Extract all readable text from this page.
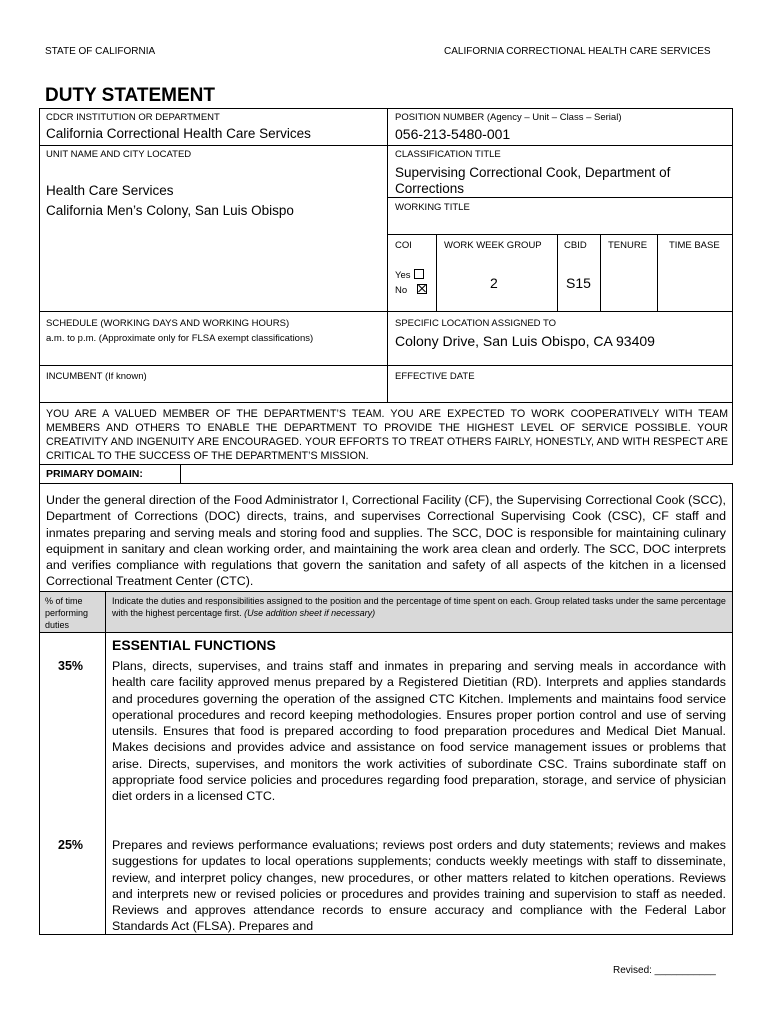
STATE OF CALIFORNIA	CALIFORNIA CORRECTIONAL HEALTH CARE SERVICES
DUTY STATEMENT
CDCR INSTITUTION OR DEPARTMENT
California Correctional Health Care Services
POSITION NUMBER (Agency – Unit – Class – Serial)
056-213-5480-001
UNIT NAME AND CITY LOCATED
Health Care Services
California Men’s Colony, San Luis Obispo
CLASSIFICATION TITLE
Supervising Correctional Cook, Department of Corrections
WORKING TITLE
COI
Yes
No
WORK WEEK GROUP
2
CBID
S15
TENURE TIME BASE
SCHEDULE (WORKING DAYS AND WORKING HOURS)
a.m. to p.m. (Approximate only for FLSA exempt classifications)
SPECIFIC LOCATION ASSIGNED TO
Colony Drive, San Luis Obispo, CA 93409
INCUMBENT (If known)	EFFECTIVE DATE
YOU ARE A VALUED MEMBER OF THE DEPARTMENT’S TEAM. YOU ARE EXPECTED TO WORK COOPERATIVELY WITH TEAM MEMBERS AND OTHERS TO ENABLE THE DEPARTMENT TO PROVIDE THE HIGHEST LEVEL OF SERVICE POSSIBLE. YOUR CREATIVITY AND INGENUITY ARE ENCOURAGED. YOUR EFFORTS TO TREAT OTHERS FAIRLY, HONESTLY, AND WITH RESPECT ARE CRITICAL TO THE SUCCESS OF THE DEPARTMENT’S MISSION.
PRIMARY DOMAIN:
Under the general direction of the Food Administrator I, Correctional Facility (CF), the Supervising Correctional Cook (SCC), Department of Corrections (DOC) directs, trains, and supervises Correctional Supervising Cook (CSC), CF staff and inmates preparing and serving meals and storing food and supplies. The SCC, DOC is responsible for maintaining culinary equipment in sanitary and clean working order, and maintaining the work area clean and orderly. The SCC, DOC interprets and verifies compliance with regulations that govern the sanitation and safety of all aspects of the kitchen in a licensed Correctional Treatment Center (CTC).
% of time performing duties
Indicate the duties and responsibilities assigned to the position and the percentage of time spent on each. Group related tasks under the same percentage with the highest percentage first. (Use addition sheet if necessary)
35%
25%
ESSENTIAL FUNCTIONS
Plans, directs, supervises, and trains staff and inmates in preparing and serving meals in accordance with health care facility approved menus prepared by a Registered Dietitian (RD). Interprets and applies standards and procedures governing the operation of the assigned CTC Kitchen. Implements and maintains food service operational procedures and record keeping methodologies. Ensures proper portion control and use of serving utensils. Ensures that food is prepared according to food preparation procedures and Medical Diet Manual. Makes decisions and provides advice and assistance on food service management issues or problems that arise. Directs, supervises, and monitors the work activities of subordinate CSC. Trains subordinate staff on appropriate food service policies and procedures regarding food preparation, storage, and service of physician diet orders in a licensed CTC.
Prepares and reviews performance evaluations; reviews post orders and duty statements; reviews and makes suggestions for updates to local operations supplements; conducts weekly meetings with staff to disseminate, review, and interpret policy changes, new procedures, or other matters related to kitchen operations. Reviews and interprets new or revised policies or procedures and provides training and supervision to staff as needed. Reviews and approves attendance records to ensure accuracy and compliance with the Federal Labor Standards Act (FLSA). Prepares and
Revised: ___________
